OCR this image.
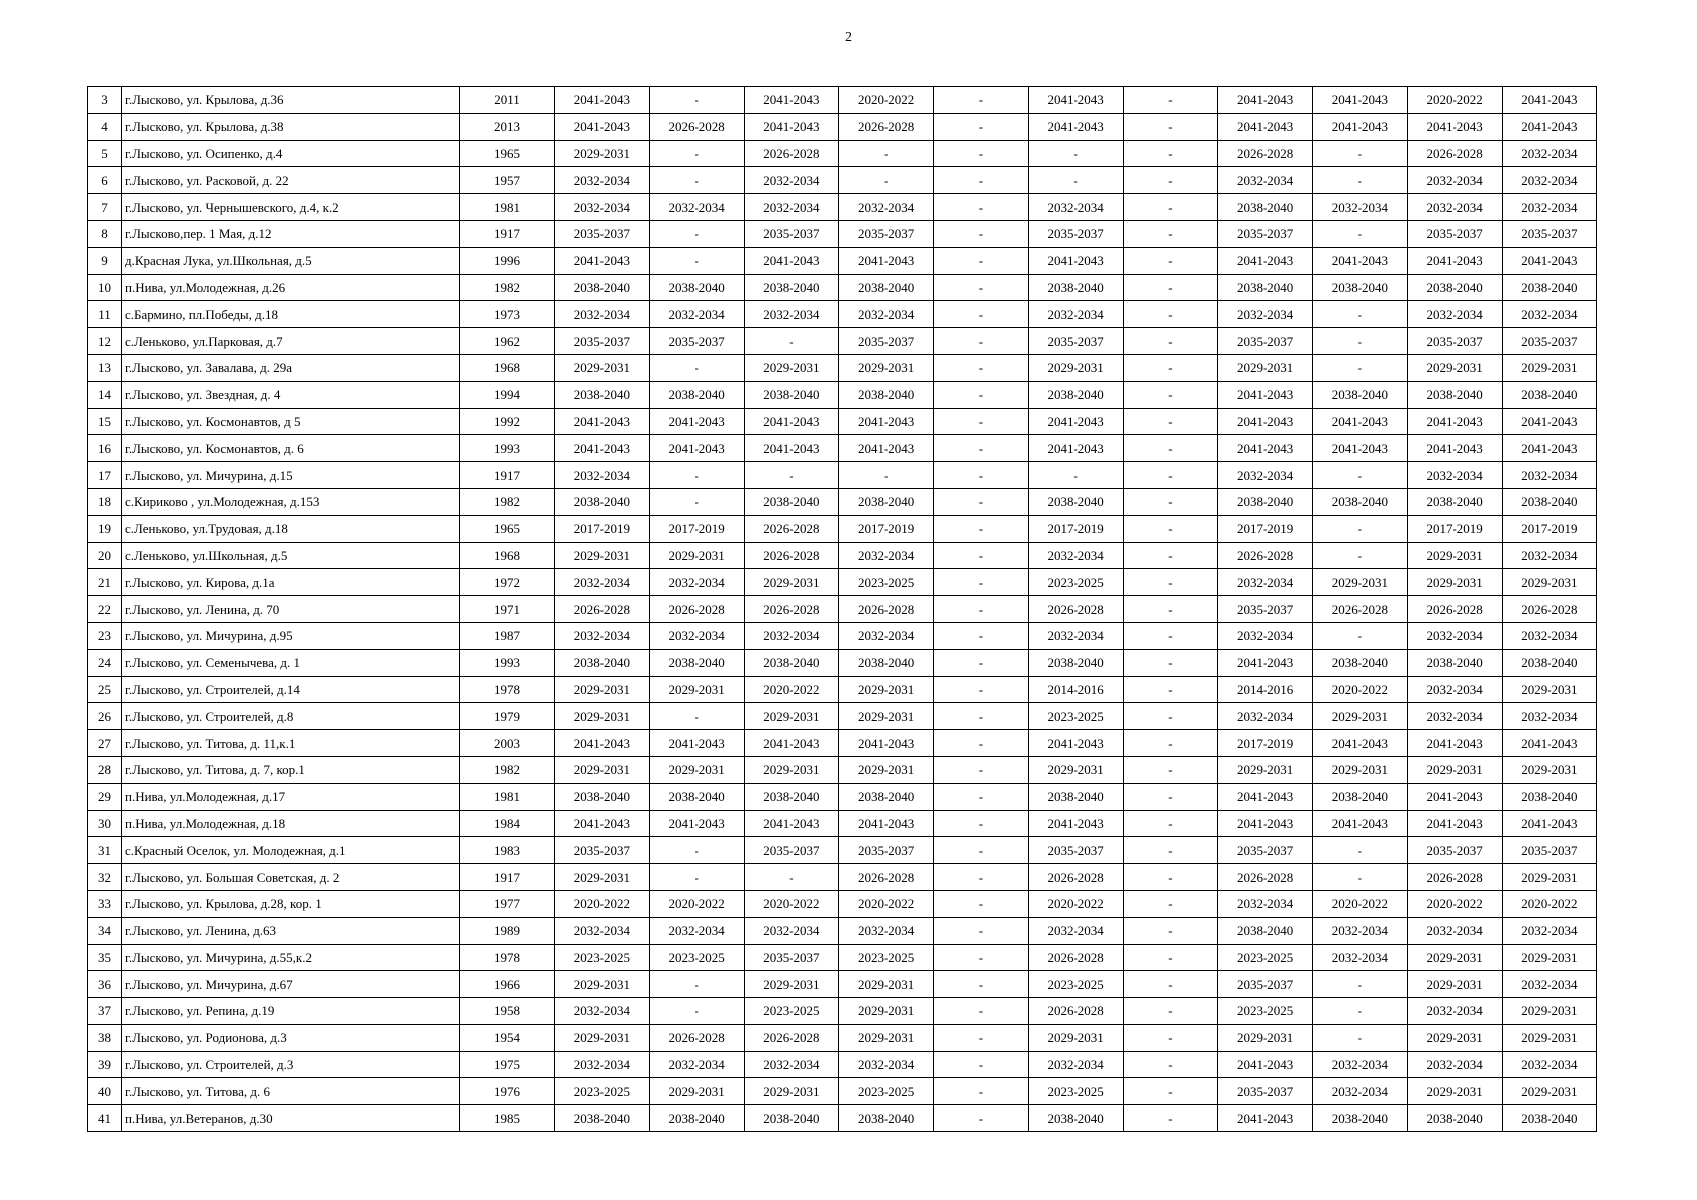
2
3	г.Лысково, ул. Крылова, д.36	2011	2041-2043	-	2041-2043	2020-2022	-	2041-2043	-	2041-2043	2041-2043	2020-2022	2041-2043
4	г.Лысково, ул. Крылова, д.38	2013	2041-2043	2026-2028	2041-2043	2026-2028	-	2041-2043	-	2041-2043	2041-2043	2041-2043	2041-2043
5	г.Лысково, ул. Осипенко, д.4	1965	2029-2031	-	2026-2028	-	-	-	-	2026-2028	-	2026-2028	2032-2034
6	г.Лысково, ул. Расковой, д. 22	1957	2032-2034	-	2032-2034	-	-	-	-	2032-2034	-	2032-2034	2032-2034
7	г.Лысково, ул. Чернышевского, д.4, к.2	1981	2032-2034	2032-2034	2032-2034	2032-2034	-	2032-2034	-	2038-2040	2032-2034	2032-2034	2032-2034
8	г.Лысково,пер. 1 Мая, д.12	1917	2035-2037	-	2035-2037	2035-2037	-	2035-2037	-	2035-2037	-	2035-2037	2035-2037
9	д.Красная Лука, ул.Школьная, д.5	1996	2041-2043	-	2041-2043	2041-2043	-	2041-2043	-	2041-2043	2041-2043	2041-2043	2041-2043
10	п.Нива, ул.Молодежная, д.26	1982	2038-2040	2038-2040	2038-2040	2038-2040	-	2038-2040	-	2038-2040	2038-2040	2038-2040	2038-2040
11	с.Бармино, пл.Победы, д.18	1973	2032-2034	2032-2034	2032-2034	2032-2034	-	2032-2034	-	2032-2034	-	2032-2034	2032-2034
12	с.Леньково, ул.Парковая, д.7	1962	2035-2037	2035-2037	-	2035-2037	-	2035-2037	-	2035-2037	-	2035-2037	2035-2037
13	г.Лысково, ул. Завалава, д. 29а	1968	2029-2031	-	2029-2031	2029-2031	-	2029-2031	-	2029-2031	-	2029-2031	2029-2031
14	г.Лысково, ул. Звездная, д. 4	1994	2038-2040	2038-2040	2038-2040	2038-2040	-	2038-2040	-	2041-2043	2038-2040	2038-2040	2038-2040
15	г.Лысково, ул. Космонавтов, д 5	1992	2041-2043	2041-2043	2041-2043	2041-2043	-	2041-2043	-	2041-2043	2041-2043	2041-2043	2041-2043
16	г.Лысково, ул. Космонавтов, д. 6	1993	2041-2043	2041-2043	2041-2043	2041-2043	-	2041-2043	-	2041-2043	2041-2043	2041-2043	2041-2043
17	г.Лысково, ул. Мичурина, д.15	1917	2032-2034	-	-	-	-	-	-	2032-2034	-	2032-2034	2032-2034
18	с.Кириково , ул.Молодежная, д.153	1982	2038-2040	-	2038-2040	2038-2040	-	2038-2040	-	2038-2040	2038-2040	2038-2040	2038-2040
19	с.Леньково, ул.Трудовая, д.18	1965	2017-2019	2017-2019	2026-2028	2017-2019	-	2017-2019	-	2017-2019	-	2017-2019	2017-2019
20	с.Леньково, ул.Школьная, д.5	1968	2029-2031	2029-2031	2026-2028	2032-2034	-	2032-2034	-	2026-2028	-	2029-2031	2032-2034
21	г.Лысково, ул. Кирова, д.1а	1972	2032-2034	2032-2034	2029-2031	2023-2025	-	2023-2025	-	2032-2034	2029-2031	2029-2031	2029-2031
22	г.Лысково, ул. Ленина, д. 70	1971	2026-2028	2026-2028	2026-2028	2026-2028	-	2026-2028	-	2035-2037	2026-2028	2026-2028	2026-2028
23	г.Лысково, ул. Мичурина, д.95	1987	2032-2034	2032-2034	2032-2034	2032-2034	-	2032-2034	-	2032-2034	-	2032-2034	2032-2034
24	г.Лысково, ул. Семенычева, д. 1	1993	2038-2040	2038-2040	2038-2040	2038-2040	-	2038-2040	-	2041-2043	2038-2040	2038-2040	2038-2040
25	г.Лысково, ул. Строителей, д.14	1978	2029-2031	2029-2031	2020-2022	2029-2031	-	2014-2016	-	2014-2016	2020-2022	2032-2034	2029-2031
26	г.Лысково, ул. Строителей, д.8	1979	2029-2031	-	2029-2031	2029-2031	-	2023-2025	-	2032-2034	2029-2031	2032-2034	2032-2034
27	г.Лысково, ул. Титова, д. 11,к.1	2003	2041-2043	2041-2043	2041-2043	2041-2043	-	2041-2043	-	2017-2019	2041-2043	2041-2043	2041-2043
28	г.Лысково, ул. Титова, д. 7, кор.1	1982	2029-2031	2029-2031	2029-2031	2029-2031	-	2029-2031	-	2029-2031	2029-2031	2029-2031	2029-2031
29	п.Нива, ул.Молодежная, д.17	1981	2038-2040	2038-2040	2038-2040	2038-2040	-	2038-2040	-	2041-2043	2038-2040	2041-2043	2038-2040
30	п.Нива, ул.Молодежная, д.18	1984	2041-2043	2041-2043	2041-2043	2041-2043	-	2041-2043	-	2041-2043	2041-2043	2041-2043	2041-2043
31	с.Красный Оселок, ул. Молодежная, д.1	1983	2035-2037	-	2035-2037	2035-2037	-	2035-2037	-	2035-2037	-	2035-2037	2035-2037
32	г.Лысково, ул. Большая Советская, д. 2	1917	2029-2031	-	-	2026-2028	-	2026-2028	-	2026-2028	-	2026-2028	2029-2031
33	г.Лысково, ул. Крылова, д.28, кор. 1	1977	2020-2022	2020-2022	2020-2022	2020-2022	-	2020-2022	-	2032-2034	2020-2022	2020-2022	2020-2022
34	г.Лысково, ул. Ленина, д.63	1989	2032-2034	2032-2034	2032-2034	2032-2034	-	2032-2034	-	2038-2040	2032-2034	2032-2034	2032-2034
35	г.Лысково, ул. Мичурина, д.55,к.2	1978	2023-2025	2023-2025	2035-2037	2023-2025	-	2026-2028	-	2023-2025	2032-2034	2029-2031	2029-2031
36	г.Лысково, ул. Мичурина, д.67	1966	2029-2031	-	2029-2031	2029-2031	-	2023-2025	-	2035-2037	-	2029-2031	2032-2034
37	г.Лысково, ул. Репина, д.19	1958	2032-2034	-	2023-2025	2029-2031	-	2026-2028	-	2023-2025	-	2032-2034	2029-2031
38	г.Лысково, ул. Родионова, д.3	1954	2029-2031	2026-2028	2026-2028	2029-2031	-	2029-2031	-	2029-2031	-	2029-2031	2029-2031
39	г.Лысково, ул. Строителей, д.3	1975	2032-2034	2032-2034	2032-2034	2032-2034	-	2032-2034	-	2041-2043	2032-2034	2032-2034	2032-2034
40	г.Лысково, ул. Титова, д. 6	1976	2023-2025	2029-2031	2029-2031	2023-2025	-	2023-2025	-	2035-2037	2032-2034	2029-2031	2029-2031
41	п.Нива, ул.Ветеранов, д.30	1985	2038-2040	2038-2040	2038-2040	2038-2040	-	2038-2040	-	2041-2043	2038-2040	2038-2040	2038-2040
